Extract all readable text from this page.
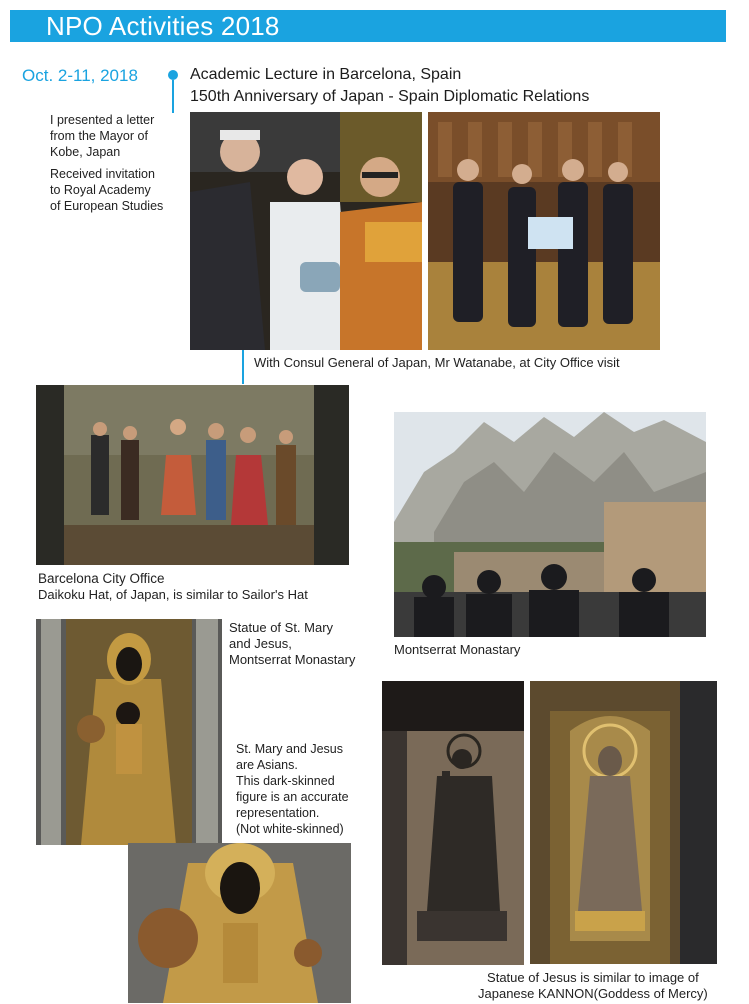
NPO Activities 2018
Oct. 2-11, 2018	Academic Lecture in Barcelona, Spain
150th Anniversary of Japan - Spain Diplomatic Relations
I presented a letter
from the Mayor of
Kobe, Japan
Received invitation
to Royal Academy
of European Studies
With Consul General of Japan, Mr Watanabe, at City Office visit
Barcelona City Office
Daikoku Hat, of Japan, is similar to Sailor's Hat
Montserrat Monastary
Statue of St. Mary
and Jesus,
Montserrat Monastary
St. Mary and Jesus
are Asians.
This dark-skinned
figure is an accurate
representation.
(Not white-skinned)
Statue of Jesus is similar to image of
Japanese KANNON(Goddess of Mercy)
